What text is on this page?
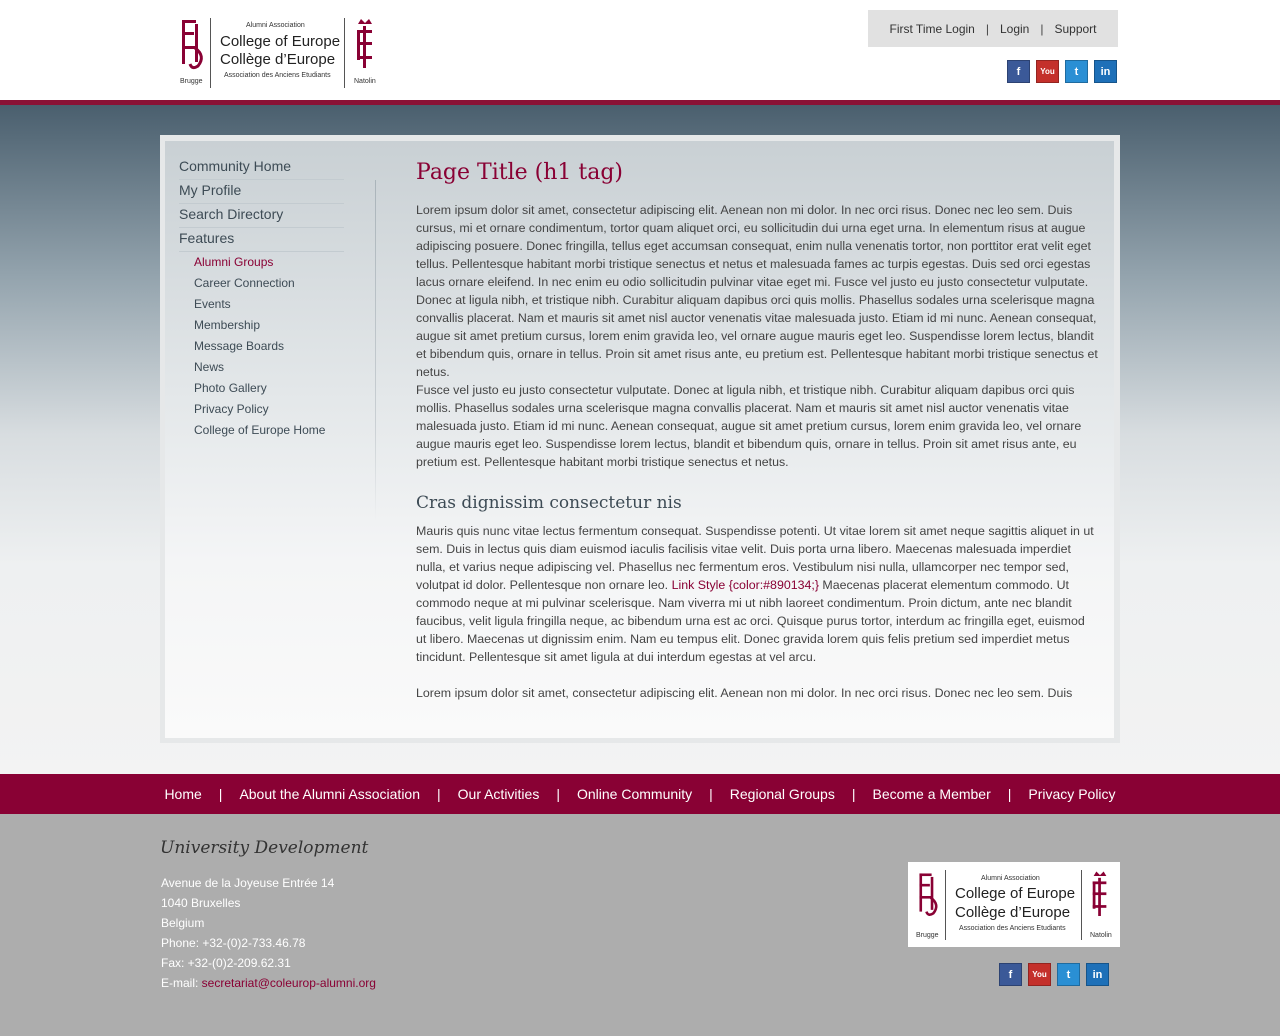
Brugge
Alumni Association
College of Europe
Collège d’Europe
Association des Anciens Etudiants
Natolin
First Time Login | Login | Support
f	You	t	in
Community Home
My Profile
Search Directory
Features
Alumni Groups
Career Connection
Events
Membership
Message Boards
News
Photo Gallery
Privacy Policy
College of Europe Home
Page Title (h1 tag)

Lorem ipsum dolor sit amet, consectetur adipiscing elit. Aenean non mi dolor. In nec orci risus. Donec nec leo sem. Duis cursus, mi et ornare condimentum, tortor quam aliquet orci, eu sollicitudin dui urna eget urna. In elementum risus at augue adipiscing posuere. Donec fringilla, tellus eget accumsan consequat, enim nulla venenatis tortor, non porttitor erat velit eget tellus. Pellentesque habitant morbi tristique senectus et netus et malesuada fames ac turpis egestas. Duis sed orci egestas lacus ornare eleifend. In nec enim eu odio sollicitudin pulvinar vitae eget mi. Fusce vel justo eu justo consectetur vulputate. Donec at ligula nibh, et tristique nibh. Curabitur aliquam dapibus orci quis mollis. Phasellus sodales urna scelerisque magna convallis placerat. Nam et mauris sit amet nisl auctor venenatis vitae malesuada justo. Etiam id mi nunc. Aenean consequat, augue sit amet pretium cursus, lorem enim gravida leo, vel ornare augue mauris eget leo. Suspendisse lorem lectus, blandit et bibendum quis, ornare in tellus. Proin sit amet risus ante, eu pretium est. Pellentesque habitant morbi tristique senectus et netus.

Fusce vel justo eu justo consectetur vulputate. Donec at ligula nibh, et tristique nibh. Curabitur aliquam dapibus orci quis mollis. Phasellus sodales urna scelerisque magna convallis placerat. Nam et mauris sit amet nisl auctor venenatis vitae malesuada justo. Etiam id mi nunc. Aenean consequat, augue sit amet pretium cursus, lorem enim gravida leo, vel ornare augue mauris eget leo. Suspendisse lorem lectus, blandit et bibendum quis, ornare in tellus. Proin sit amet risus ante, eu pretium est. Pellentesque habitant morbi tristique senectus et netus.

Cras dignissim consectetur nis

Mauris quis nunc vitae lectus fermentum consequat. Suspendisse potenti. Ut vitae lorem sit amet neque sagittis aliquet in ut sem. Duis in lectus quis diam euismod iaculis facilisis vitae velit. Duis porta urna libero. Maecenas malesuada imperdiet nulla, et varius neque adipiscing vel. Phasellus nec fermentum eros. Vestibulum nisi nulla, ullamcorper nec tempor sed, volutpat id dolor. Pellentesque non ornare leo. Link Style {color:#890134;} Maecenas placerat elementum commodo. Ut commodo neque at mi pulvinar scelerisque. Nam viverra mi ut nibh laoreet condimentum. Proin dictum, ante nec blandit faucibus, velit ligula fringilla neque, ac bibendum urna est ac orci. Quisque purus tortor, interdum ac fringilla eget, euismod ut libero. Maecenas ut dignissim enim. Nam eu tempus elit. Donec gravida lorem quis felis pretium sed imperdiet metus tincidunt. Pellentesque sit amet ligula at dui interdum egestas at vel arcu.

Lorem ipsum dolor sit amet, consectetur adipiscing elit. Aenean non mi dolor. In nec orci risus. Donec nec leo sem. Duis

Home	|	About the Alumni Association	|	Our Activities	|	Online Community	|	Regional Groups	|	Become a Member	|	Privacy Policy
University Development
Avenue de la Joyeuse Entrée 14
1040 Bruxelles
Belgium
Phone: +32-(0)2-733.46.78
Fax: +32-(0)2-209.62.31
E-mail: secretariat@coleurop-alumni.org
Brugge
Alumni Association
College of Europe
Collège d’Europe
Association des Anciens Etudiants
Natolin
f	You	t	in
